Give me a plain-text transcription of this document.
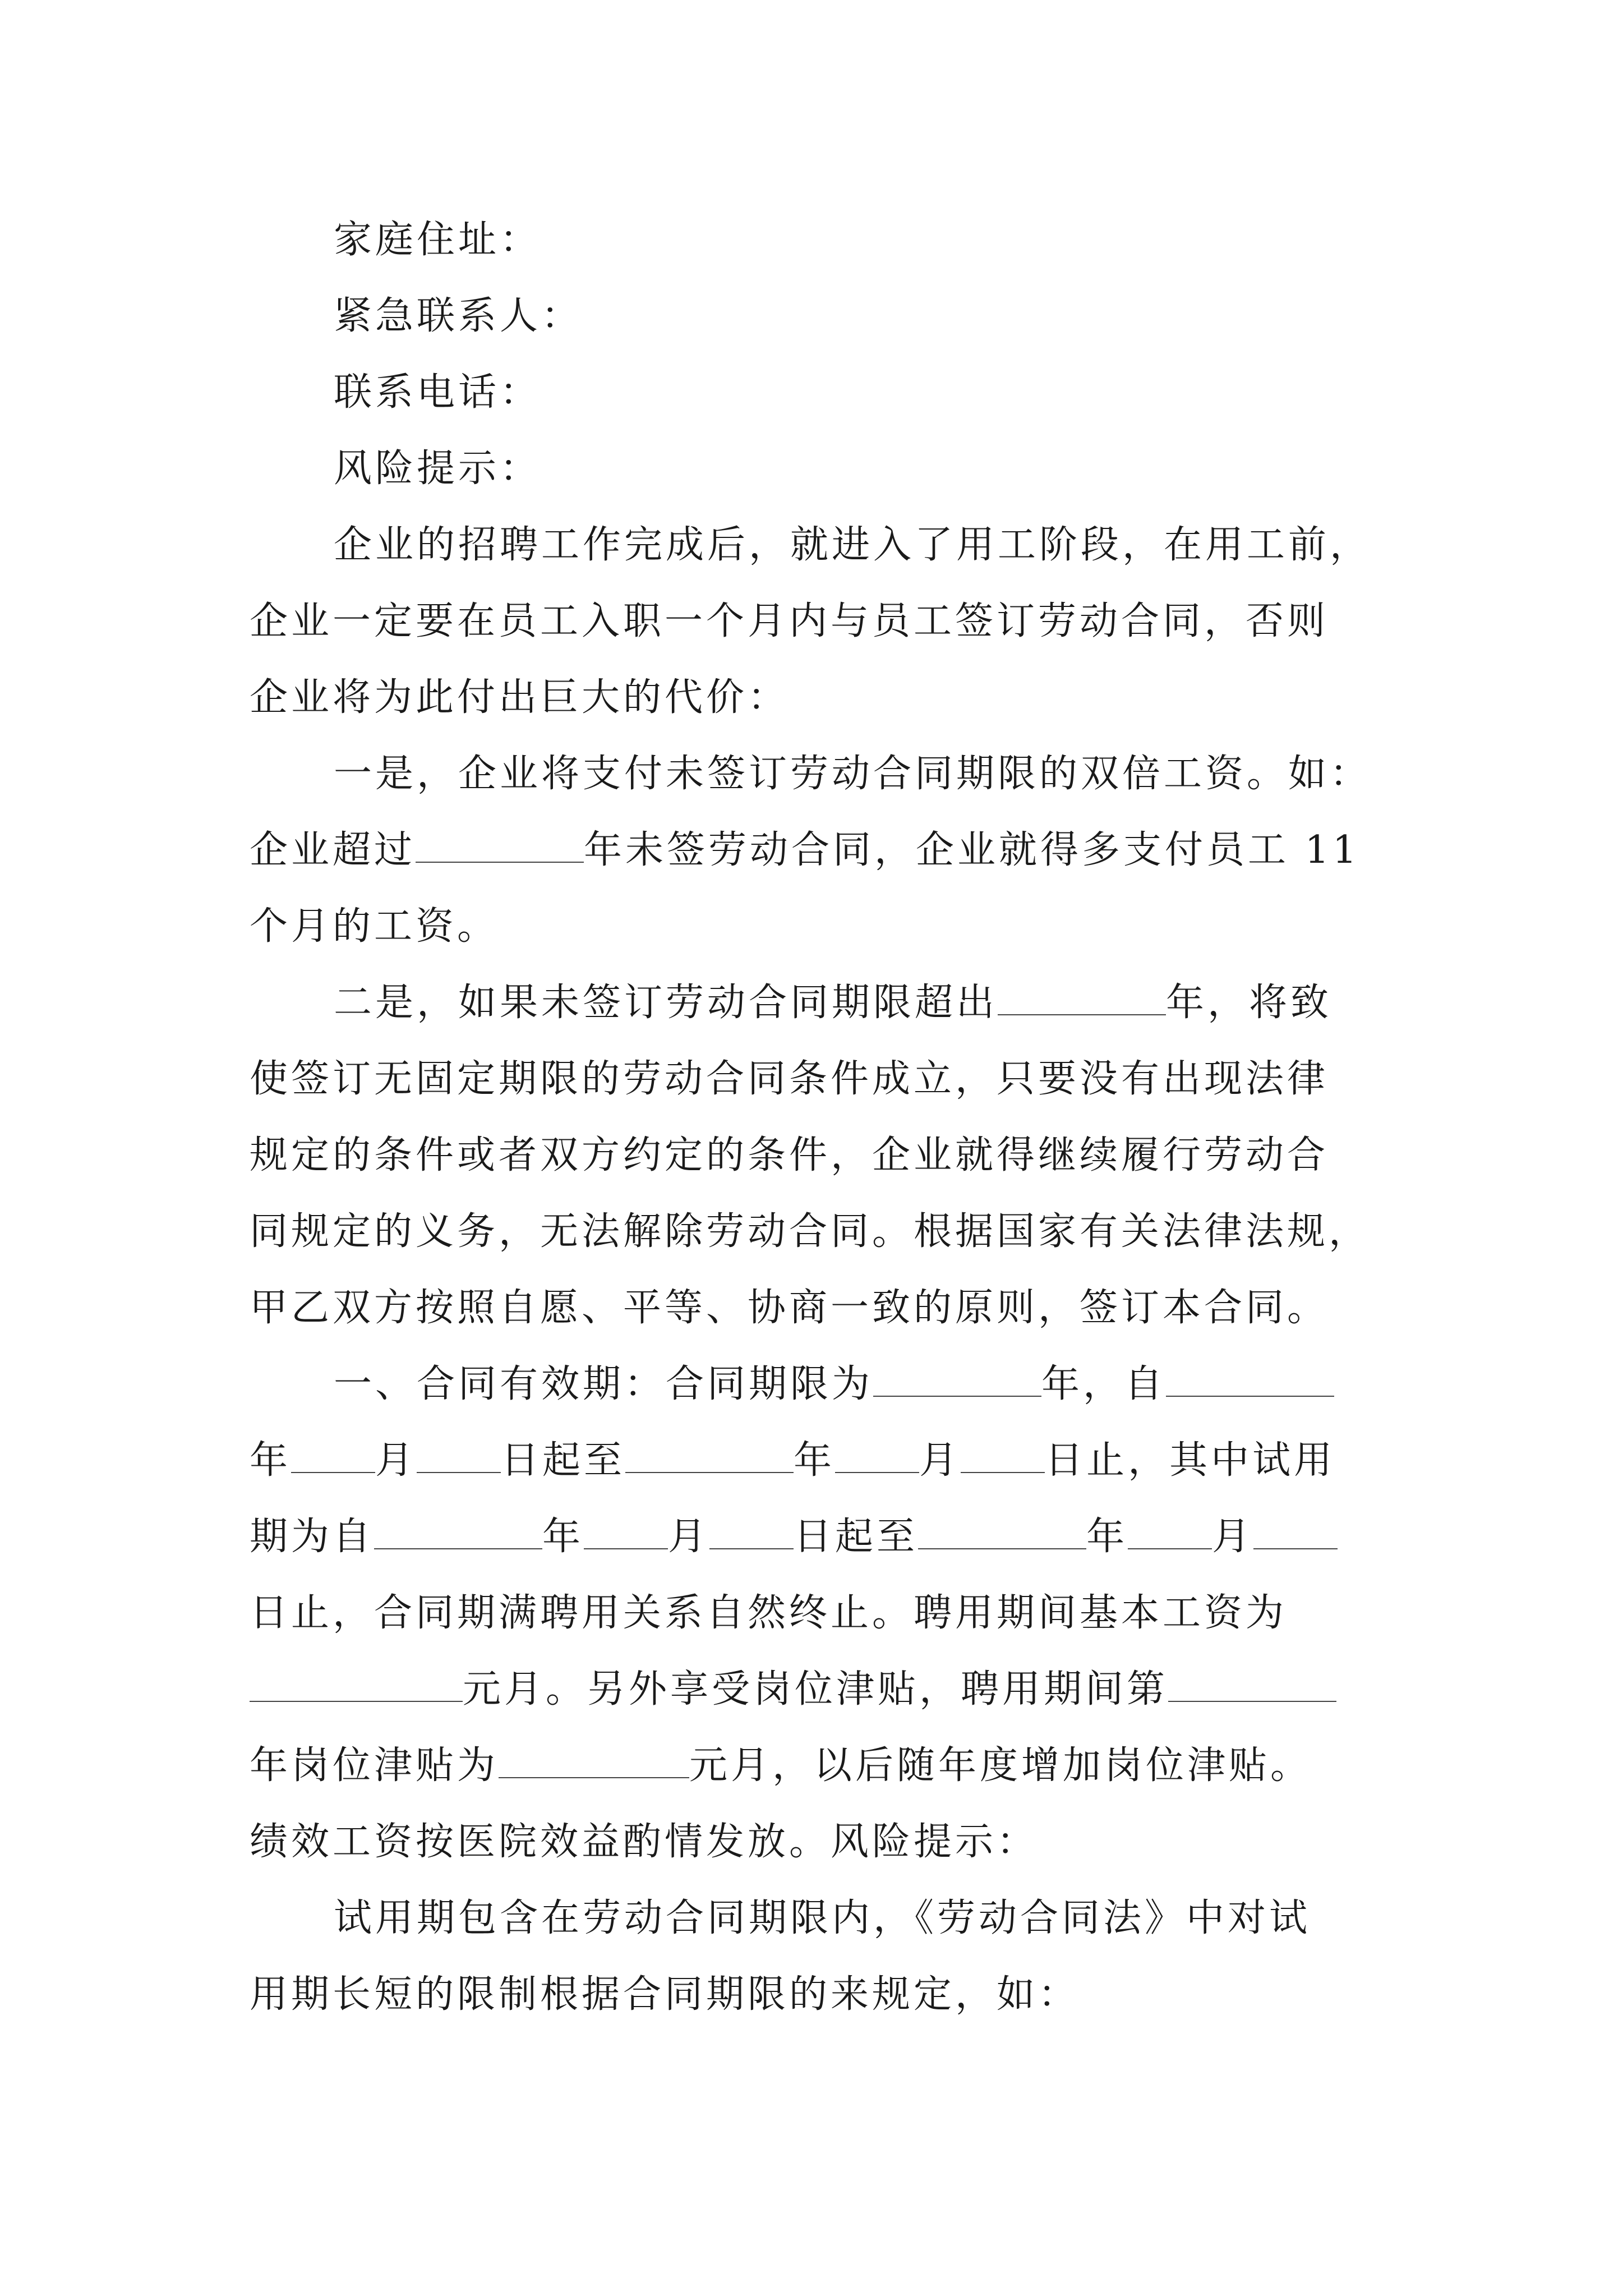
家庭住址：
紧急联系人：
联系电话：
风险提示：
企业的招聘工作完成后，就进入了用工阶段，在用工前，
企业一定要在员工入职一个月内与员工签订劳动合同，否则
企业将为此付出巨大的代价：
一是，企业将支付未签订劳动合同期限的双倍工资。如：
企业超过	年未签劳动合同，企业就得多支付员工 11
个月的工资。
二是，如果未签订劳动合同期限超出	年，将致
使签订无固定期限的劳动合同条件成立，只要没有出现法律
规定的条件或者双方约定的条件，企业就得继续履行劳动合
同规定的义务，无法解除劳动合同。根据国家有关法律法规，
甲乙双方按照自愿、平等、协商一致的原则，签订本合同。
一、合同有效期：合同期限为	年，自
年 月 日起至	年 月 日止，其中试用
期为自	年 月 日起至	年 月
日止，合同期满聘用关系自然终止。聘用期间基本工资为
元月。另外享受岗位津贴，聘用期间第
年岗位津贴为	元月，以后随年度增加岗位津贴。
绩效工资按医院效益酌情发放。风险提示：
试用期包含在劳动合同期限内，《劳动合同法》中对试
用期长短的限制根据合同期限的来规定，如：
